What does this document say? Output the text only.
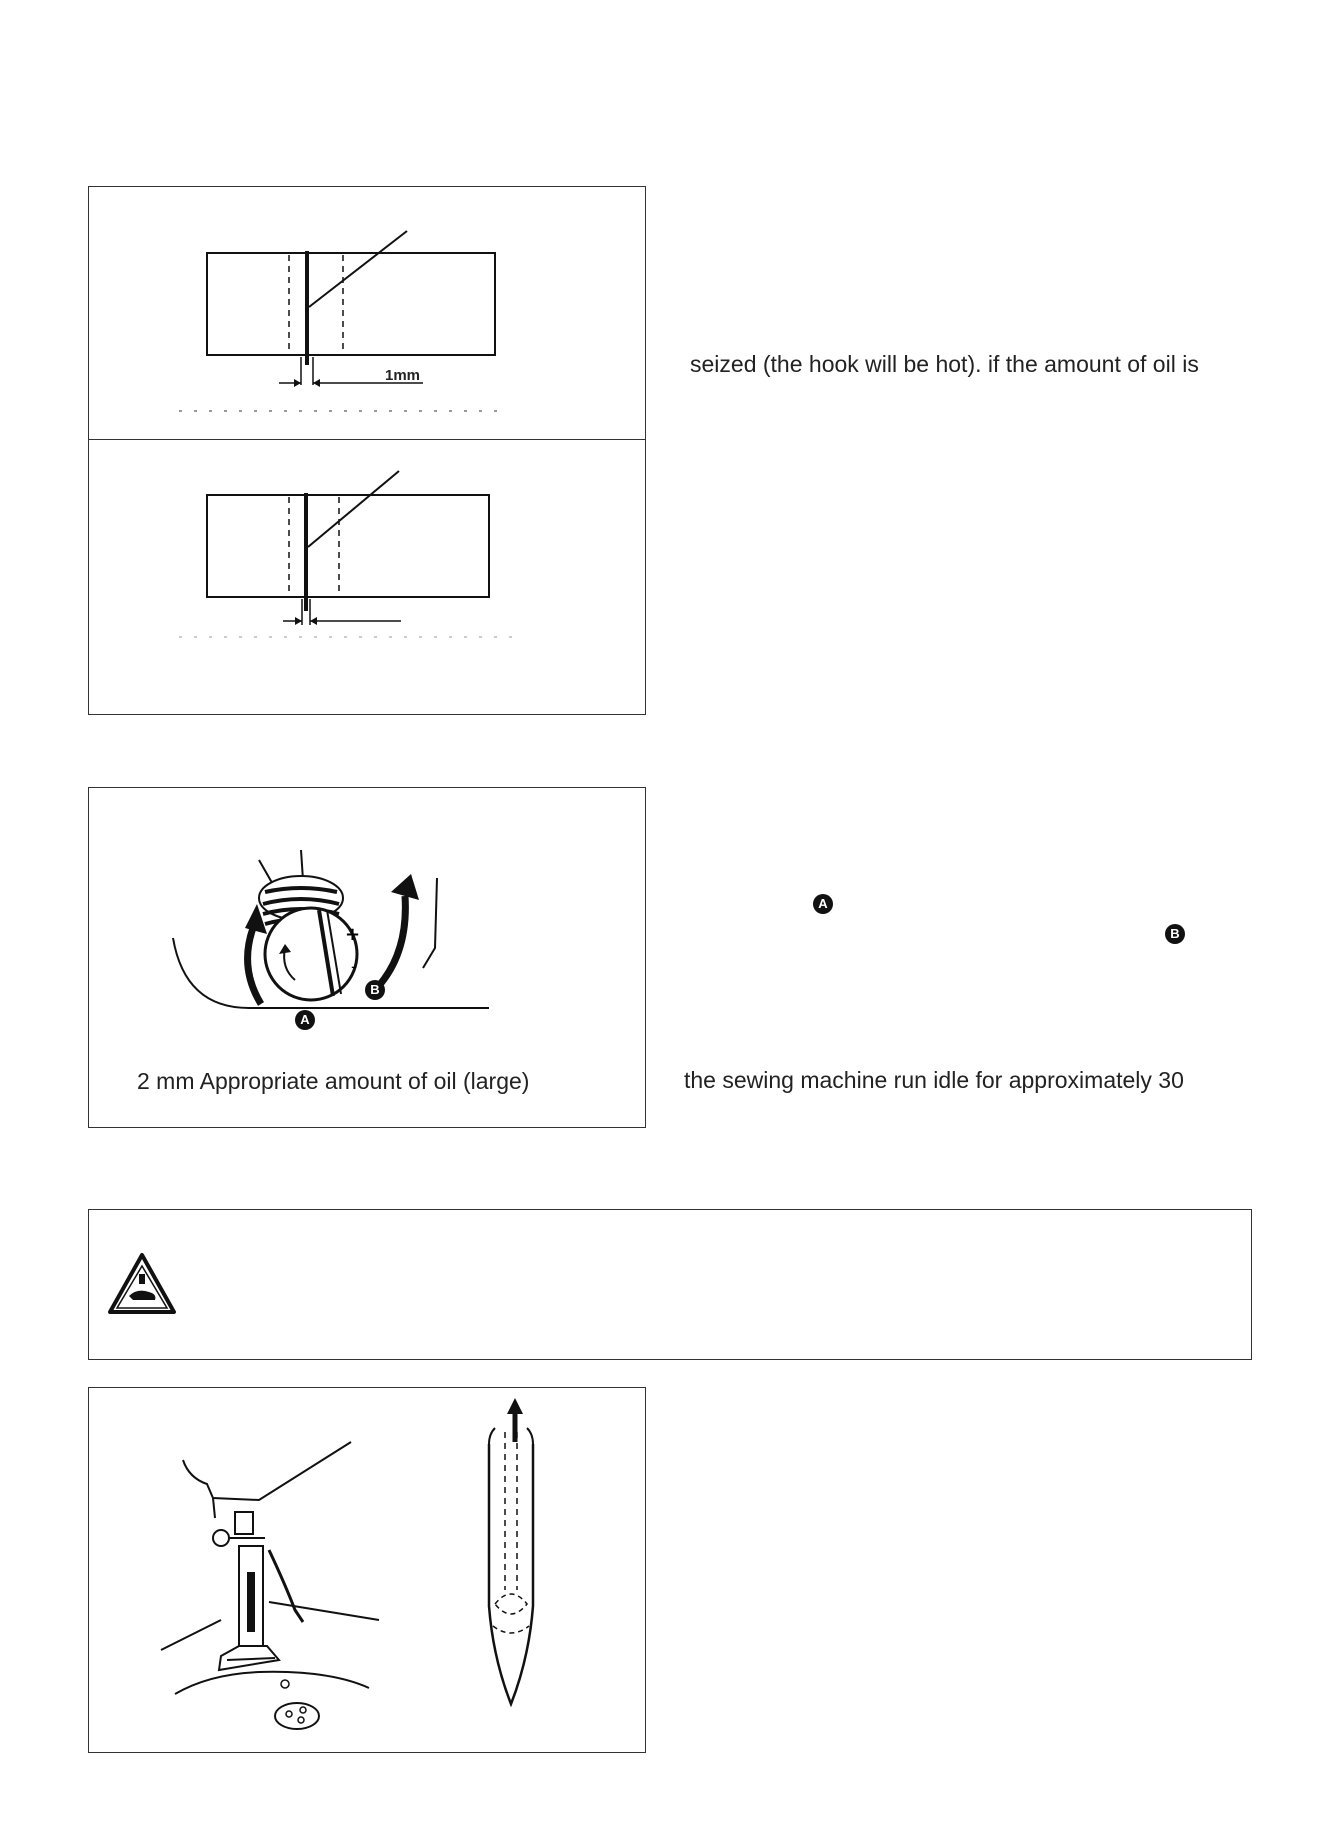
1mm	seized (the hook will be hot). if the amount of oil is
+
-
A
B
2 mm Appropriate amount of oil (large)
A
B
the sewing machine run idle for approximately 30
